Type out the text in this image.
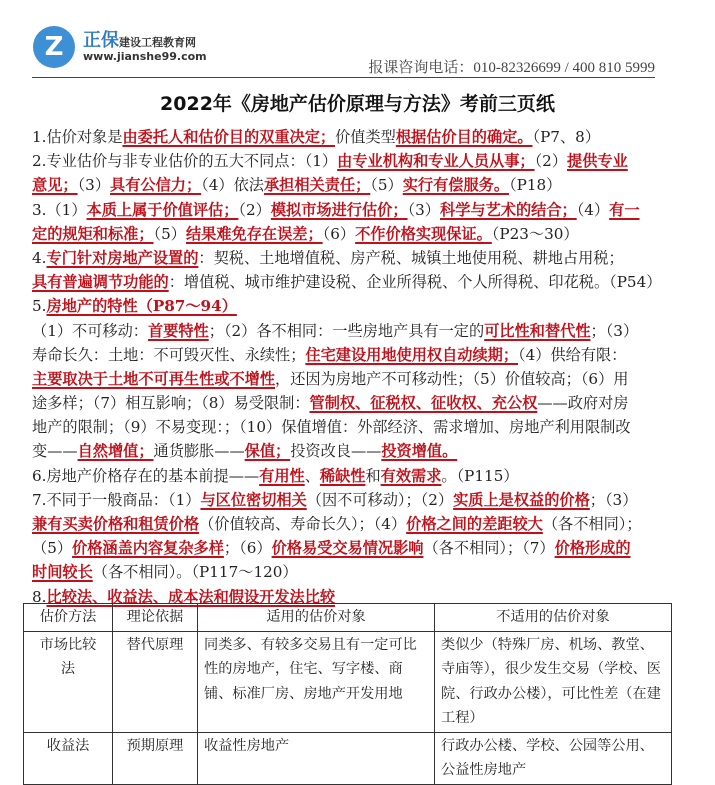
Z	正保建设工程教育网
www.jianshe99.com
报课咨询电话：010-82326699 / 400 810 5999
2022年《房地产估价原理与方法》考前三页纸
1.估价对象是由委托人和估价目的双重决定；价值类型根据估价目的确定。（P7、8）
2.专业估价与非专业估价的五大不同点：（1）由专业机构和专业人员从事；（2）提供专业
意见；（3）具有公信力；（4）依法承担相关责任；（5）实行有偿服务。（P18）
3.（1）本质上属于价值评估；（2）模拟市场进行估价；（3）科学与艺术的结合；（4）有一
定的规矩和标准；（5）结果难免存在误差；（6）不作价格实现保证。（P23～30）
4.专门针对房地产设置的：契税、土地增值税、房产税、城镇土地使用税、耕地占用税；
具有普遍调节功能的：增值税、城市维护建设税、企业所得税、个人所得税、印花税。（P54）
5.房地产的特性（P87～94）
（1）不可移动：首要特性；（2）各不相同：一些房地产具有一定的可比性和替代性；（3）
寿命长久：土地：不可毁灭性、永续性；住宅建设用地使用权自动续期；（4）供给有限：
主要取决于土地不可再生性或不增性，还因为房地产不可移动性；（5）价值较高；（6）用
途多样；（7）相互影响；（8）易受限制：管制权、征税权、征收权、充公权——政府对房
地产的限制；（9）不易变现：；（10）保值增值：外部经济、需求增加、房地产利用限制改
变——自然增值；通货膨胀——保值；投资改良——投资增值。
6.房地产价格存在的基本前提——有用性、稀缺性和有效需求。（P115）
7.不同于一般商品：（1）与区位密切相关（因不可移动）；（2）实质上是权益的价格；（3）
兼有买卖价格和租赁价格（价值较高、寿命长久）；（4）价格之间的差距较大（各不相同）；
（5）价格涵盖内容复杂多样；（6）价格易受交易情况影响（各不相同）；（7）价格形成的
时间较长（各不相同）。（P117～120）
8.比较法、收益法、成本法和假设开发法比较
估价方法	理论依据	适用的估价对象	不适用的估价对象
市场比较法	替代原理	同类多、有较多交易且有一定可比性的房地产，住宅、写字楼、商铺、标准厂房、房地产开发用地	类似少（特殊厂房、机场、教堂、寺庙等），很少发生交易（学校、医院、行政办公楼），可比性差（在建工程）
收益法	预期原理	收益性房地产	行政办公楼、学校、公园等公用、公益性房地产
